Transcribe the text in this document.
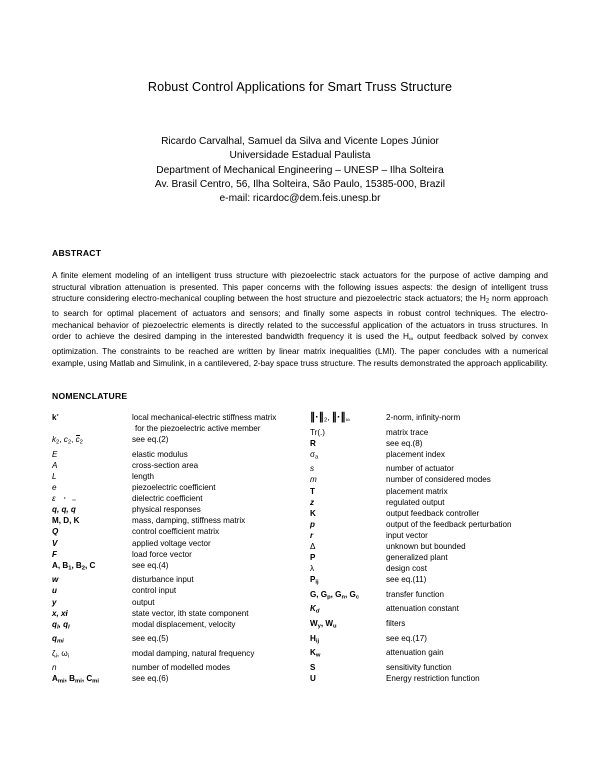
Robust Control Applications for Smart Truss Structure
Ricardo Carvalhal, Samuel da Silva and Vicente Lopes Júnior
Universidade Estadual Paulista
Department of Mechanical Engineering – UNESP – Ilha Solteira
Av. Brasil Centro, 56, Ilha Solteira, São Paulo, 15385-000, Brazil
e-mail: ricardoc@dem.feis.unesp.br
ABSTRACT

A finite element modeling of an intelligent truss structure with piezoelectric stack actuators for the purpose of active damping and structural vibration attenuation is presented. This paper concerns with the following issues aspects: the design of intelligent truss structure considering electro-mechanical coupling between the host structure and piezoelectric stack actuators; the $H_2$ norm approach to search for optimal placement of actuators and sensors; and finally some aspects in robust control techniques. The electro-mechanical behavior of piezoelectric elements is directly related to the successful application of the actuators in truss structures. In order to achieve the desired damping in the interested bandwidth frequency it is used the $H_\infty$ output feedback solved by convex optimization. The constraints to be reached are written by linear matrix inequalities (LMI). The paper concludes with a numerical example, using Matlab and Simulink, in a cantilevered, 2-bay space truss structure. The results demonstrated the approach applicability.

NOMENCLATURE
k*	local mechanical-electric stiffness matrix
for the piezoelectric active member
k2, c2, c2	see eq.(2)
E	elastic modulus
A	cross-section area
L	length
e	piezoelectric coefficient
ε	dielectric coefficient
q, q ˙, q ¨	physical responses
M, D, K	mass, damping, stiffness matrix
Q	control coefficient matrix
V	applied voltage vector
F	load force vector
A, B1, B2, C	see eq.(4)
w	disturbance input
u	control input
y	output
x, xi	state vector, ith state component
qI, q ˙I	modal displacement, velocity
qmi	see eq.(5)
ζi, ωi	modal damping, natural frequency
n	number of modelled modes
Ami, Bmi, Cmi	see eq.(6)
∥·∥2, ∥·∥∞	2-norm, infinity-norm
Tr(.)	matrix trace
R	see eq.(8)
σa	placement index
s	number of actuator
m	number of considered modes
T	placement matrix
z	regulated output
K	output feedback controller
p	output of the feedback perturbation
r	input vector
Δ	unknown but bounded
P	generalized plant
λ	design cost
Pij	see eq.(11)
G, Gp, Gn, Gc	transfer function
Kd	attenuation constant
Wy, Wu	filters
Hij	see eq.(17)
Kw	attenuation gain
S	sensitivity function
U	Energy restriction function
